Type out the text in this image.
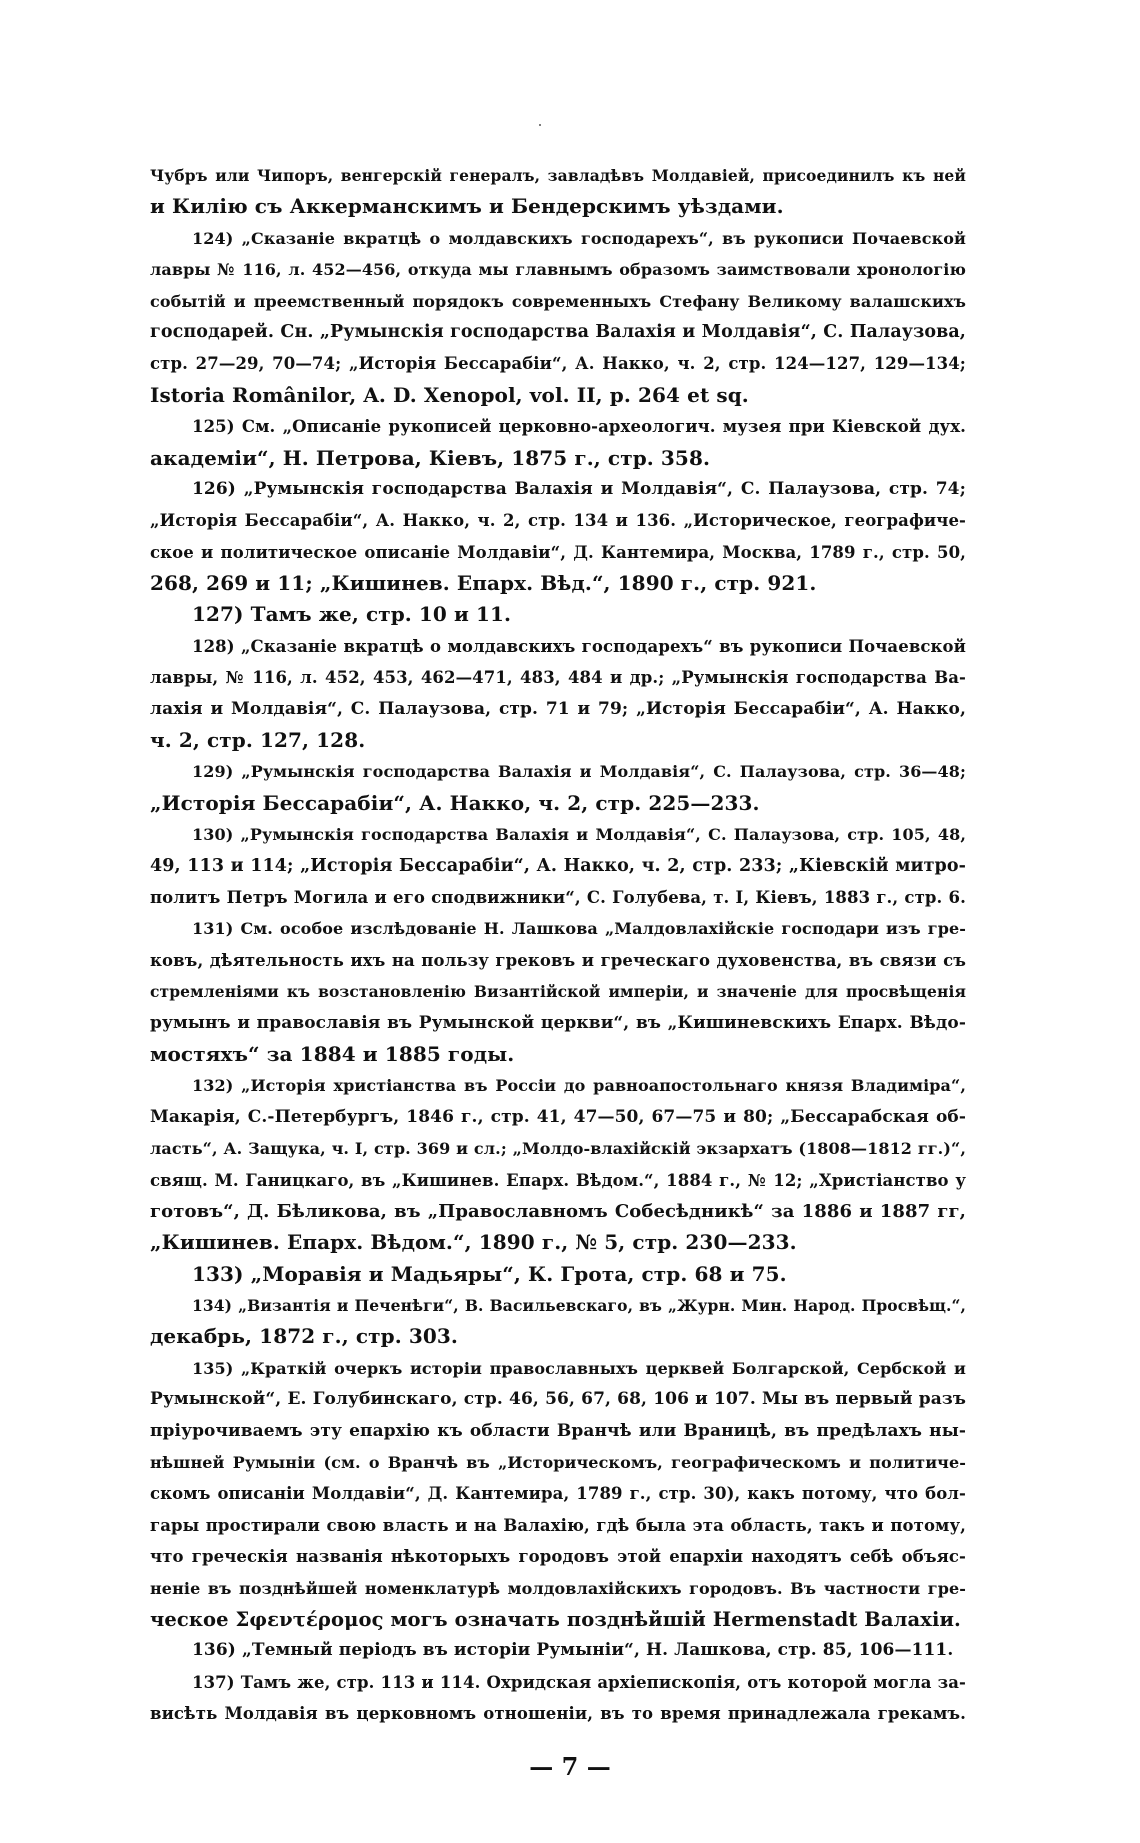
Чубръ или Чипоръ, венгерскій генералъ, завладѣвъ Молдавіей, присоединилъ къ ней
и Килію съ Аккерманскимъ и Бендерскимъ уѣздами.
124) „Сказаніе вкратцѣ о молдавскихъ господарехъ“, въ рукописи Почаевской
лавры № 116, л. 452—456, откуда мы главнымъ образомъ заимствовали хронологію
событій и преемственный порядокъ современныхъ Стефану Великому валашскихъ
господарей. Сн. „Румынскія господарства Валахія и Молдавія“, С. Палаузова,
стр. 27—29, 70—74; „Исторія Бессарабіи“, А. Накко, ч. 2, стр. 124—127, 129—134;
Istoria Românilor, A. D. Xenopol, vol. II, p. 264 et sq.
125) См. „Описаніе рукописей церковно-археологич. музея при Кіевской дух.
академіи“, Н. Петрова, Кіевъ, 1875 г., стр. 358.
126) „Румынскія господарства Валахія и Молдавія“, С. Палаузова, стр. 74;
„Исторія Бессарабіи“, А. Накко, ч. 2, стр. 134 и 136. „Историческое, географиче-
ское и политическое описаніе Молдавіи“, Д. Кантемира, Москва, 1789 г., стр. 50,
268, 269 и 11; „Кишинев. Епарх. Вѣд.“, 1890 г., стр. 921.
127) Тамъ же, стр. 10 и 11.
128) „Сказаніе вкратцѣ о молдавскихъ господарехъ“ въ рукописи Почаевской
лавры, № 116, л. 452, 453, 462—471, 483, 484 и др.; „Румынскія господарства Ва-
лахія и Молдавія“, С. Палаузова, стр. 71 и 79; „Исторія Бессарабіи“, А. Накко,
ч. 2, стр. 127, 128.
129) „Румынскія господарства Валахія и Молдавія“, С. Палаузова, стр. 36—48;
„Исторія Бессарабіи“, А. Накко, ч. 2, стр. 225—233.
130) „Румынскія господарства Валахія и Молдавія“, С. Палаузова, стр. 105, 48,
49, 113 и 114; „Исторія Бессарабіи“, А. Накко, ч. 2, стр. 233; „Кіевскій митро-
политъ Петръ Могила и его сподвижники“, С. Голубева, т. I, Кіевъ, 1883 г., стр. 6.
131) См. особое изслѣдованіе Н. Лашкова „Малдовлахійскіе господари изъ гре-
ковъ, дѣятельность ихъ на пользу грековъ и греческаго духовенства, въ связи съ
стремленіями къ возстановленію Византійской имперіи, и значеніе для просвѣщенія
румынъ и православія въ Румынской церкви“, въ „Кишиневскихъ Епарх. Вѣдо-
мостяхъ“ за 1884 и 1885 годы.
132) „Исторія христіанства въ Россіи до равноапостольнаго князя Владиміра“,
Макарія, С.-Петербургъ, 1846 г., стр. 41, 47—50, 67—75 и 80; „Бессарабская об-
ласть“, А. Защука, ч. I, стр. 369 и сл.; „Молдо-влахійскій экзархатъ (1808—1812 гг.)“,
свящ. М. Ганицкаго, въ „Кишинев. Епарх. Вѣдом.“, 1884 г., № 12; „Христіанство у
готовъ“, Д. Бѣликова, въ „Православномъ Собесѣдникѣ“ за 1886 и 1887 гг,
„Кишинев. Епарх. Вѣдом.“, 1890 г., № 5, стр. 230—233.
133) „Моравія и Мадьяры“, К. Грота, стр. 68 и 75.
134) „Византія и Печенѣги“, В. Васильевскаго, въ „Журн. Мин. Народ. Просвѣщ.“,
декабрь, 1872 г., стр. 303.
135) „Краткій очеркъ исторіи православныхъ церквей Болгарской, Сербской и
Румынской“, Е. Голубинскаго, стр. 46, 56, 67, 68, 106 и 107. Мы въ первый разъ
пріурочиваемъ эту епархію къ области Вранчѣ или Враницѣ, въ предѣлахъ ны-
нѣшней Румыніи (см. о Вранчѣ въ „Историческомъ, географическомъ и политиче-
скомъ описаніи Молдавіи“, Д. Кантемира, 1789 г., стр. 30), какъ потому, что бол-
гары простирали свою власть и на Валахію, гдѣ была эта область, такъ и потому,
что греческія названія нѣкоторыхъ городовъ этой епархіи находятъ себѣ объяс-
неніе въ позднѣйшей номенклатурѣ молдовлахійскихъ городовъ. Въ частности гре-
ческое Σφεντέρομος могъ означать позднѣйшій Hermenstadt Валахіи.
136) „Темный періодъ въ исторіи Румыніи“, Н. Лашкова, стр. 85, 106—111.
137) Тамъ же, стр. 113 и 114. Охридская архіепископія, отъ которой могла за-
висѣть Молдавія въ церковномъ отношеніи, въ то время принадлежала грекамъ.
— 7 —
